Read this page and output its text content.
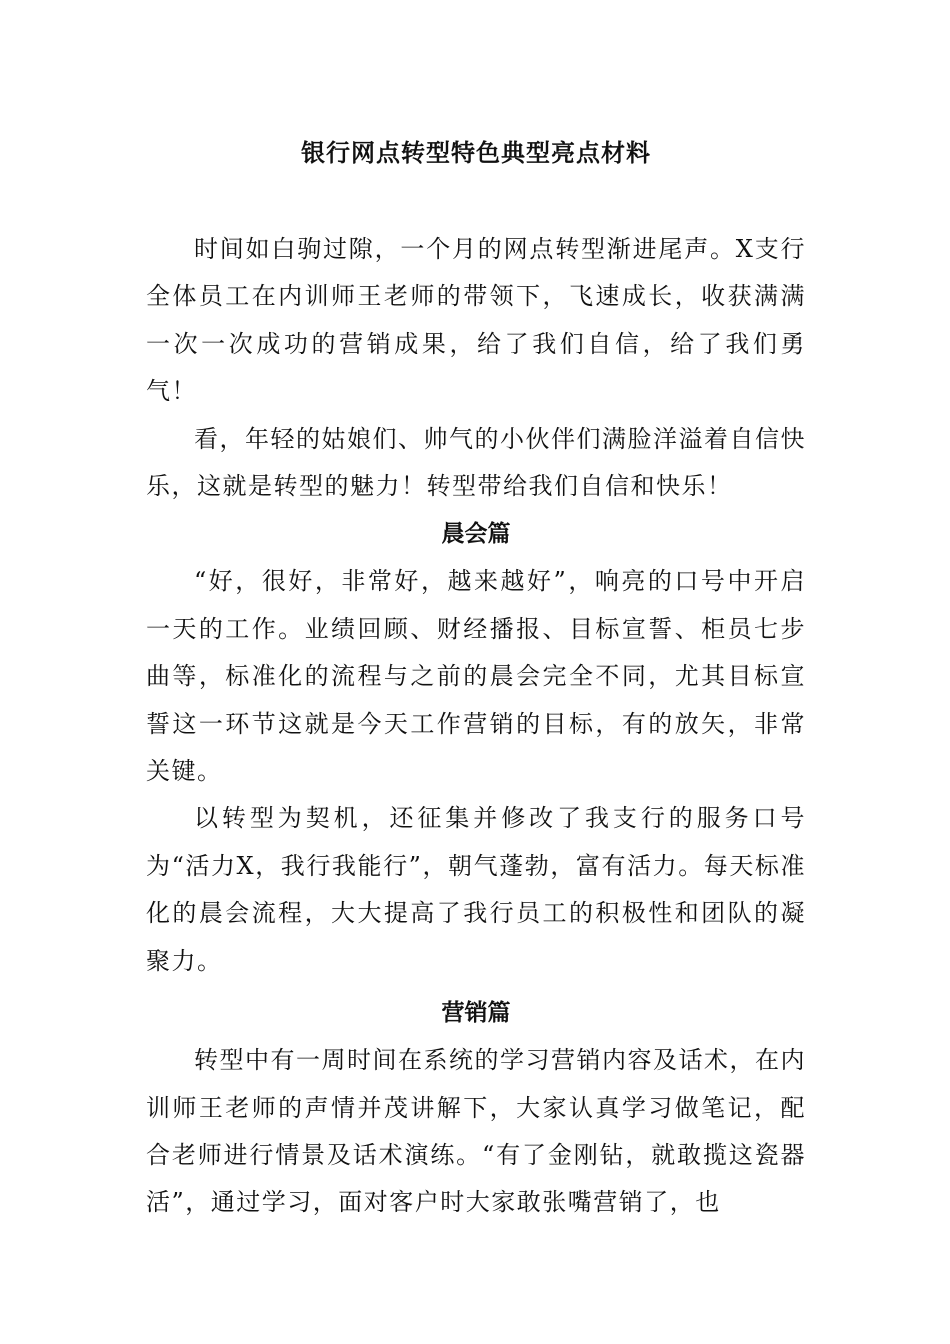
银行网点转型特色典型亮点材料

时间如白驹过隙，一个月的网点转型渐进尾声。X支行全体员工在内训师王老师的带领下，飞速成长，收获满满一次一次成功的营销成果，给了我们自信，给了我们勇气！

看，年轻的姑娘们、帅气的小伙伴们满脸洋溢着自信快乐，这就是转型的魅力！转型带给我们自信和快乐！

晨会篇

“好，很好，非常好，越来越好”，响亮的口号中开启一天的工作。业绩回顾、财经播报、目标宣誓、柜员七步曲等，标准化的流程与之前的晨会完全不同，尤其目标宣誓这一环节这就是今天工作营销的目标，有的放矢，非常关键。

以转型为契机，还征集并修改了我支行的服务口号为“活力X，我行我能行”，朝气蓬勃，富有活力。每天标准化的晨会流程，大大提高了我行员工的积极性和团队的凝聚力。

营销篇

转型中有一周时间在系统的学习营销内容及话术，在内训师王老师的声情并茂讲解下，大家认真学习做笔记，配合老师进行情景及话术演练。“有了金刚钻，就敢揽这瓷器活”，通过学习，面对客户时大家敢张嘴营销了，也
